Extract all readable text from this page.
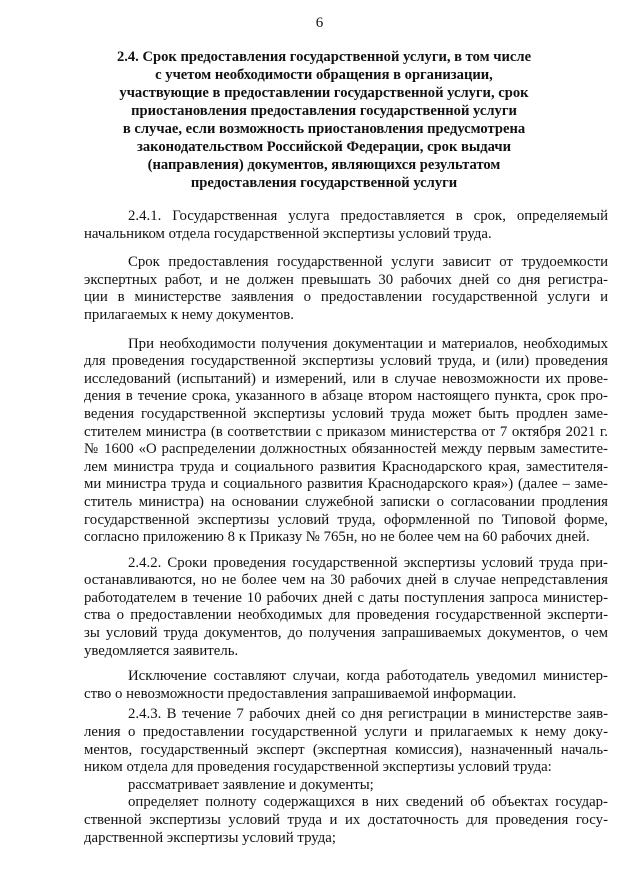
6
2.4. Срок предоставления государственной услуги, в том числе
с учетом необходимости обращения в организации,
участвующие в предоставлении государственной услуги, срок
приостановления предоставления государственной услуги
в случае, если возможность приостановления предусмотрена
законодательством Российской Федерации, срок выдачи
(направления) документов, являющихся результатом
предоставления государственной услуги

2.4.1. Государственная услуга предоставляется в срок, определяемый
начальником отдела государственной экспертизы условий труда.

Срок предоставления государственной услуги зависит от трудоемкости
экспертных работ, и не должен превышать 30 рабочих дней со дня регистра-
ции в министерстве заявления о предоставлении государственной услуги и
прилагаемых к нему документов.

При необходимости получения документации и материалов, необходимых
для проведения государственной экспертизы условий труда, и (или) проведения
исследований (испытаний) и измерений, или в случае невозможности их прове-
дения в течение срока, указанного в абзаце втором настоящего пункта, срок про-
ведения государственной экспертизы условий труда может быть продлен заме-
стителем министра (в соответствии с приказом министерства от 7 октября 2021 г.
№ 1600 «О распределении должностных обязанностей между первым заместите-
лем министра труда и социального развития Краснодарского края, заместителя-
ми министра труда и социального развития Краснодарского края») (далее – заме-
ститель министра) на основании служебной записки о согласовании продления
государственной экспертизы условий труда, оформленной по Типовой форме,
согласно приложению 8 к Приказу № 765н, но не более чем на 60 рабочих дней.

2.4.2. Сроки проведения государственной экспертизы условий труда при-
останавливаются, но не более чем на 30 рабочих дней в случае непредставления
работодателем в течение 10 рабочих дней с даты поступления запроса министер-
ства о предоставлении необходимых для проведения государственной эксперти-
зы условий труда документов, до получения запрашиваемых документов, о чем
уведомляется заявитель.

Исключение составляют случаи, когда работодатель уведомил министер-
ство о невозможности предоставления запрашиваемой информации.

2.4.3. В течение 7 рабочих дней со дня регистрации в министерстве заяв-
ления о предоставлении государственной услуги и прилагаемых к нему доку-
ментов, государственный эксперт (экспертная комиссия), назначенный началь-
ником отдела для проведения государственной экспертизы условий труда:

рассматривает заявление и документы;

определяет полноту содержащихся в них сведений об объектах государ-
ственной экспертизы условий труда и их достаточность для проведения госу-
дарственной экспертизы условий труда;
